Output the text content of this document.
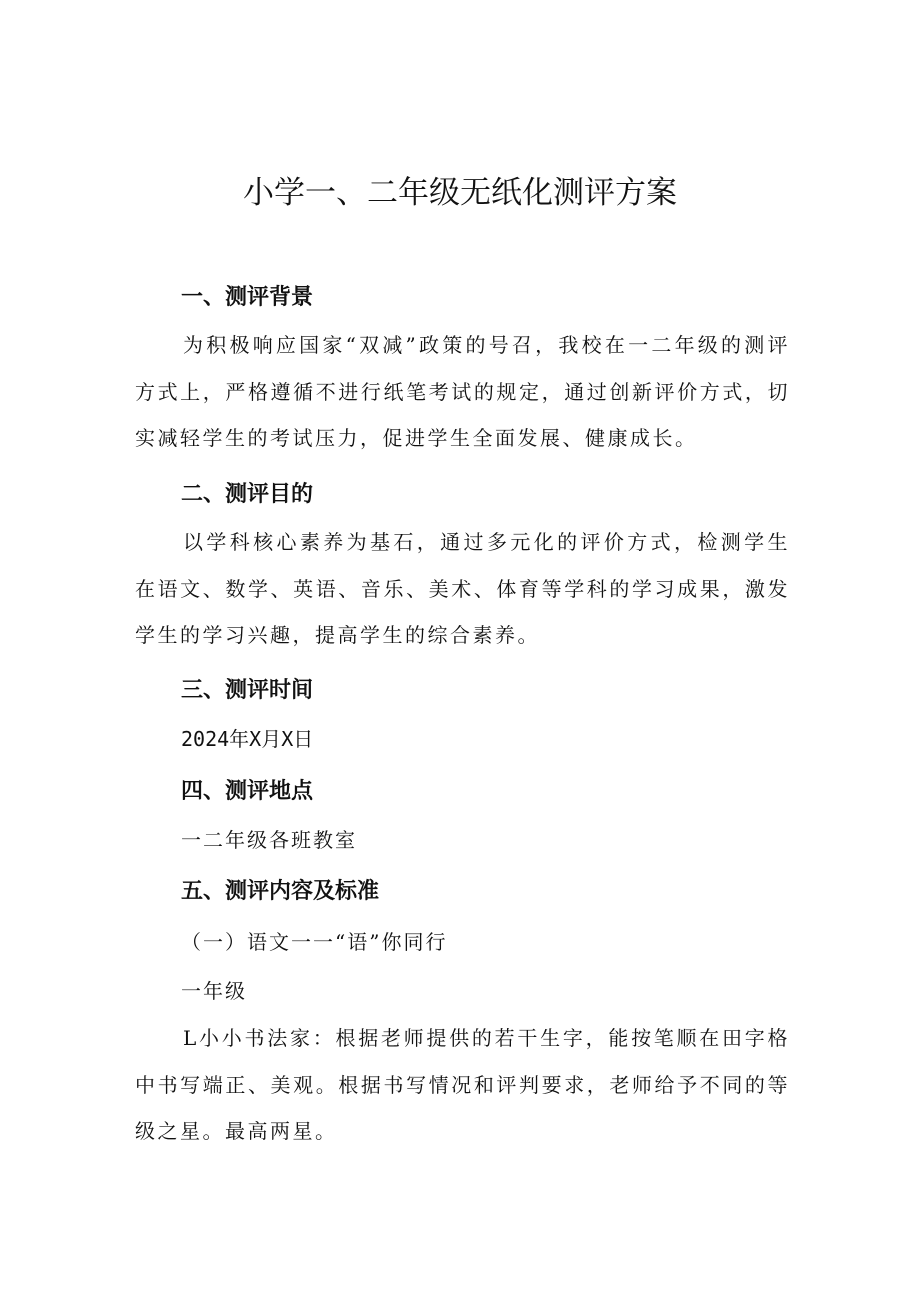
小学一、二年级无纸化测评方案
一、测评背景

为积极响应国家“双减”政策的号召，我校在一二年级的测评方式上，严格遵循不进行纸笔考试的规定，通过创新评价方式，切实减轻学生的考试压力，促进学生全面发展、健康成长。

二、测评目的

以学科核心素养为基石，通过多元化的评价方式，检测学生在语文、数学、英语、音乐、美术、体育等学科的学习成果，激发学生的学习兴趣，提高学生的综合素养。

三、测评时间

2024年X月X日

四、测评地点

一二年级各班教室

五、测评内容及标准

（一）语文一一“语”你同行

一年级

L小小书法家：根据老师提供的若干生字，能按笔顺在田字格中书写端正、美观。根据书写情况和评判要求，老师给予不同的等级之星。最高两星。
